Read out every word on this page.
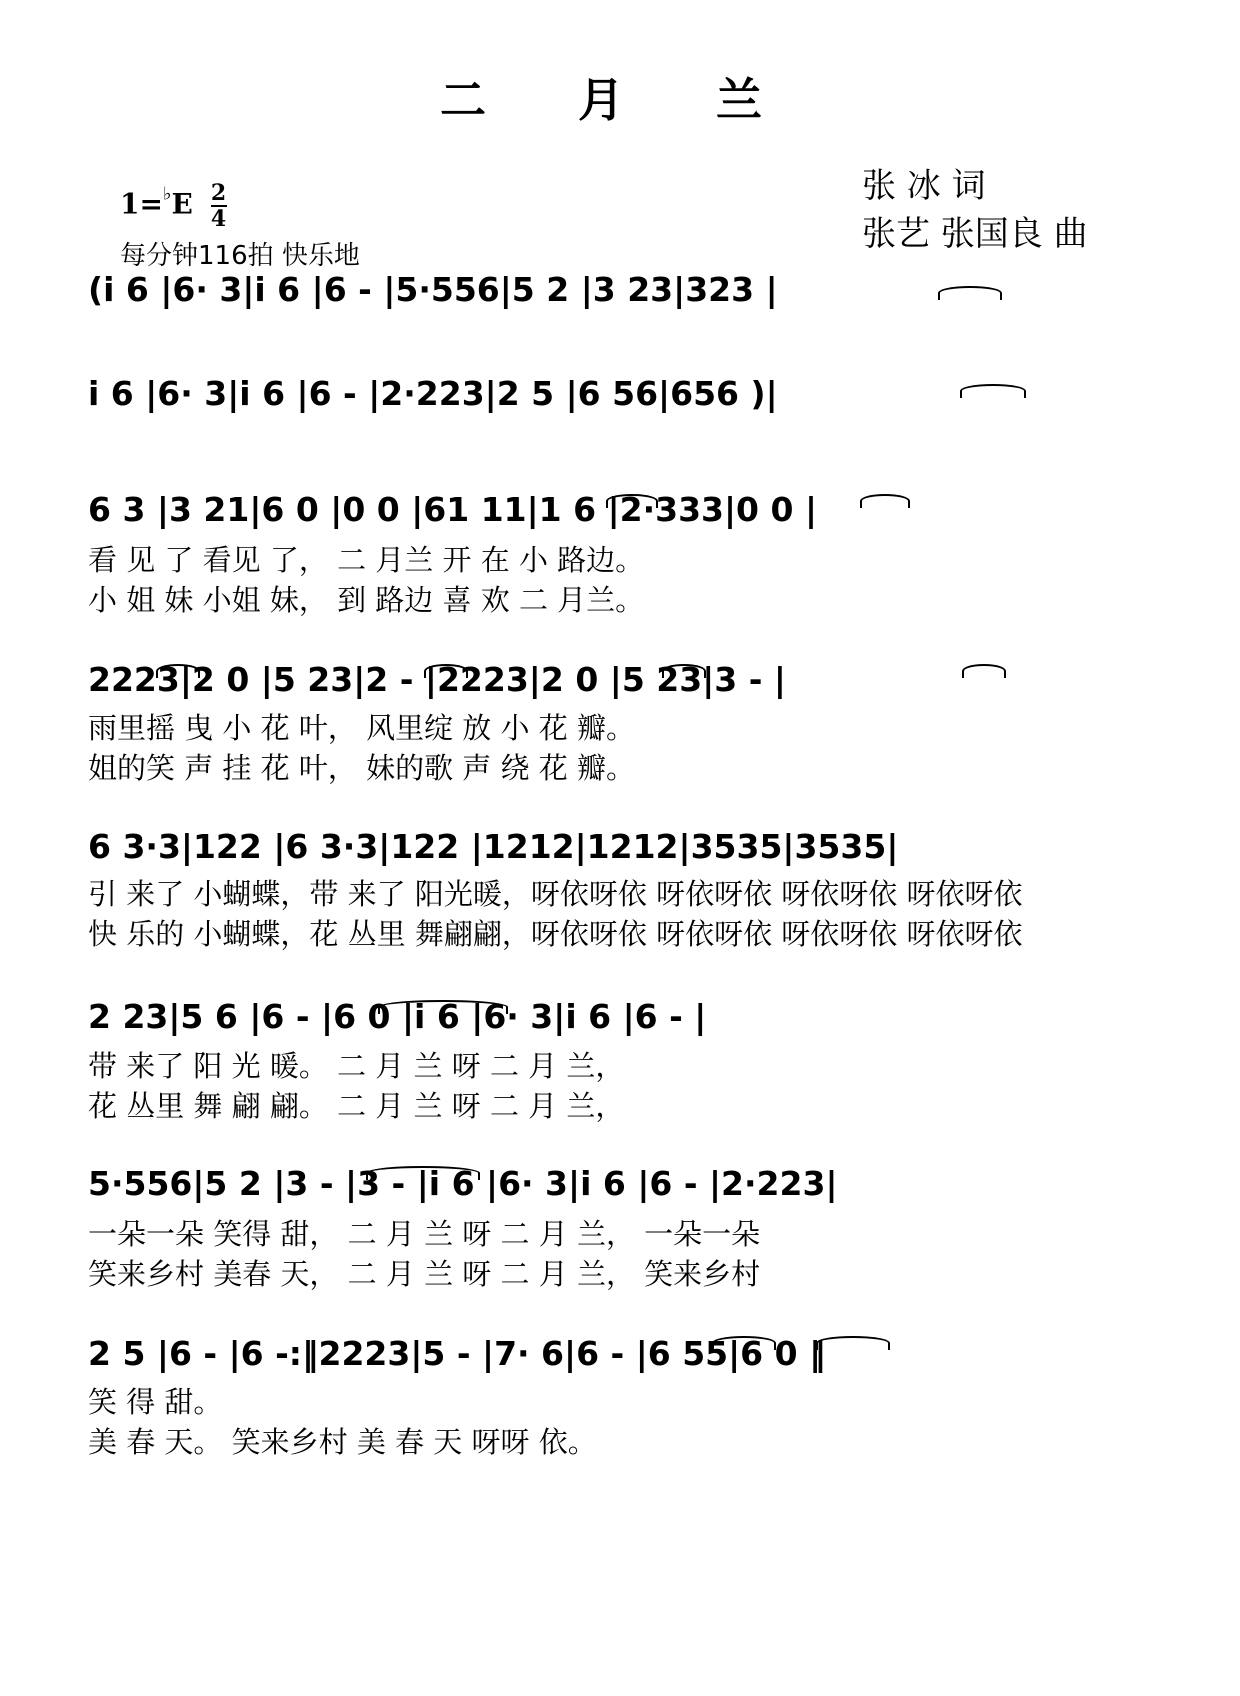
二 月 兰
$1=^♭E \frac{2}{4}$
每分钟116拍 快乐地
张 冰 词
张艺 张国良 曲
(i 6 |6· 3|i 6 |6 - |5·556|5 2 |3 23|323 |
i 6 |6· 3|i 6 |6 - |2·223|2 5 |6 56|656 )|
6 3 |3 21|6 0 |0 0 |61 11|1 6 |2·333|0 0 |
看 见 了 看见 了， 二 月兰 开 在 小 路边。
小 姐 妹 小姐 妹， 到 路边 喜 欢 二 月兰。
2223|2 0 |5 23|2 - |2223|2 0 |5 23|3 - |
雨里摇 曳 小 花 叶， 风里绽 放 小 花 瓣。
姐的笑 声 挂 花 叶， 妹的歌 声 绕 花 瓣。
6 3·3|122 |6 3·3|122 |1212|1212|3535|3535|
引 来了 小蝴蝶，带 来了 阳光暖，呀依呀依 呀依呀依 呀依呀依 呀依呀依
快 乐的 小蝴蝶，花 丛里 舞翩翩，呀依呀依 呀依呀依 呀依呀依 呀依呀依
2 23|5 6 |6 - |6 0 |i 6 |6· 3|i 6 |6 - |
带 来了 阳 光 暖。 二 月 兰 呀 二 月 兰，
花 丛里 舞 翩 翩。 二 月 兰 呀 二 月 兰，
5·556|5 2 |3 - |3 - |i 6 |6· 3|i 6 |6 - |2·223|
一朵一朵 笑得 甜， 二 月 兰 呀 二 月 兰， 一朵一朵
笑来乡村 美春 天， 二 月 兰 呀 二 月 兰， 笑来乡村
2 5 |6 - |6 -:‖2223|5 - |7· 6|6 - |6 55|6 0 ‖
笑 得 甜。
美 春 天。 笑来乡村 美 春 天 呀呀 依。
